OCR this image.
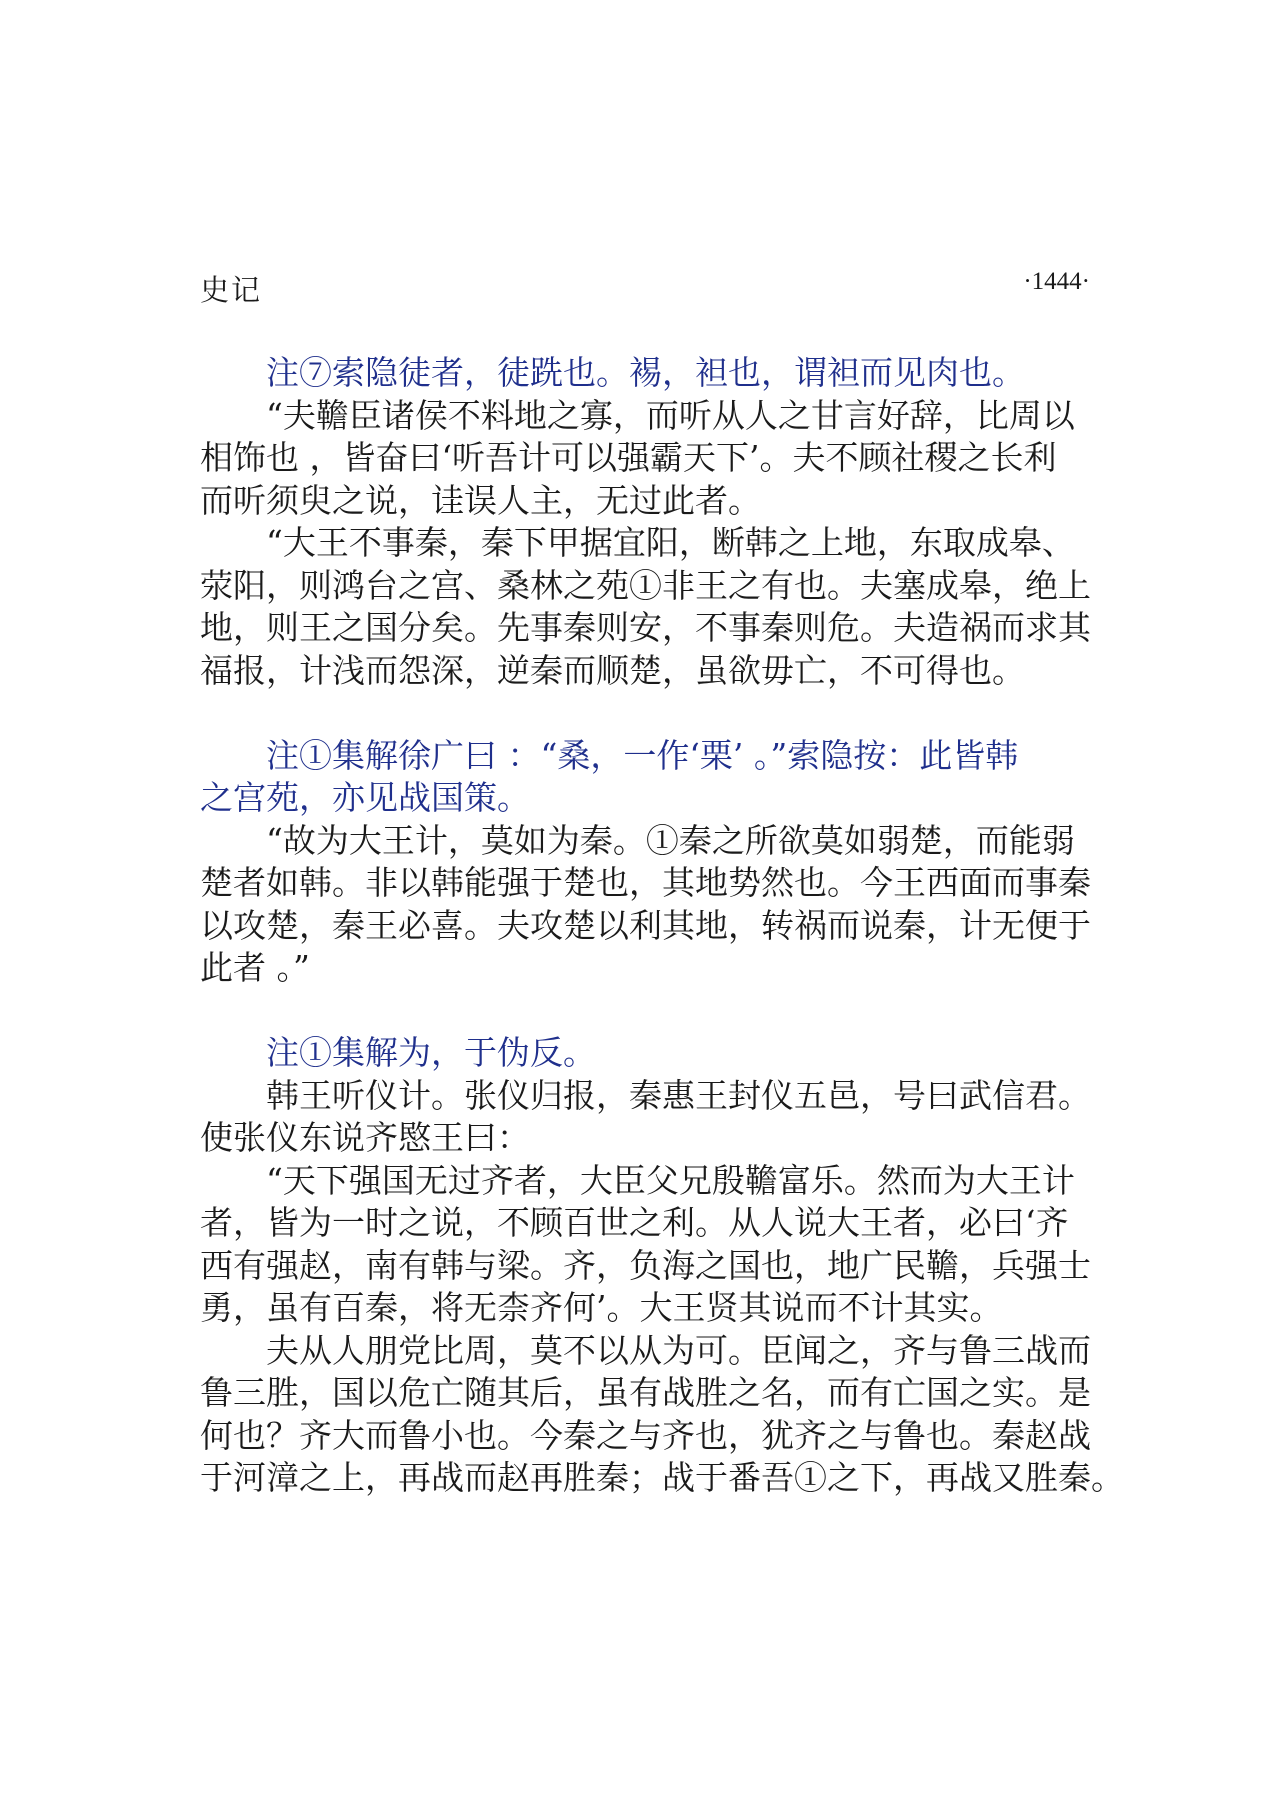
史记	·1444·
注⑦索隐徒者，徒跣也。裼，袒也，谓袒而见肉也。
“夫韂臣诸侯不料地之寡，而听从人之甘言好辞，比周以
相饰也 ，皆奋曰‘听吾计可以强霸天下’。夫不顾社稷之长利
而听须臾之说，诖误人主，无过此者。
“大王不事秦，秦下甲据宜阳，断韩之上地，东取成皋、
荥阳，则鸿台之宫、桑林之苑①非王之有也。夫塞成皋，绝上
地，则王之国分矣。先事秦则安，不事秦则危。夫造祸而求其
福报，计浅而怨深，逆秦而顺楚，虽欲毋亡，不可得也。
注①集解徐广曰 ：“桑，一作‘栗’ 。”索隐按：此皆韩
之宫苑，亦见战国策。
“故为大王计，莫如为秦。①秦之所欲莫如弱楚，而能弱
楚者如韩。非以韩能强于楚也，其地势然也。今王西面而事秦
以攻楚，秦王必喜。夫攻楚以利其地，转祸而说秦，计无便于
此者 。”
注①集解为，于伪反。
韩王听仪计。张仪归报，秦惠王封仪五邑，号曰武信君。
使张仪东说齐愍王曰：
“天下强国无过齐者，大臣父兄殷韂富乐。然而为大王计
者，皆为一时之说，不顾百世之利。从人说大王者，必曰‘齐
西有强赵，南有韩与梁。齐，负海之国也，地广民韂，兵强士
勇，虽有百秦，将无柰齐何’。大王贤其说而不计其实。
夫从人朋党比周，莫不以从为可。臣闻之，齐与鲁三战而
鲁三胜，国以危亡随其后，虽有战胜之名，而有亡国之实。是
何也？齐大而鲁小也。今秦之与齐也，犹齐之与鲁也。秦赵战
于河漳之上，再战而赵再胜秦；战于番吾①之下，再战又胜秦。
